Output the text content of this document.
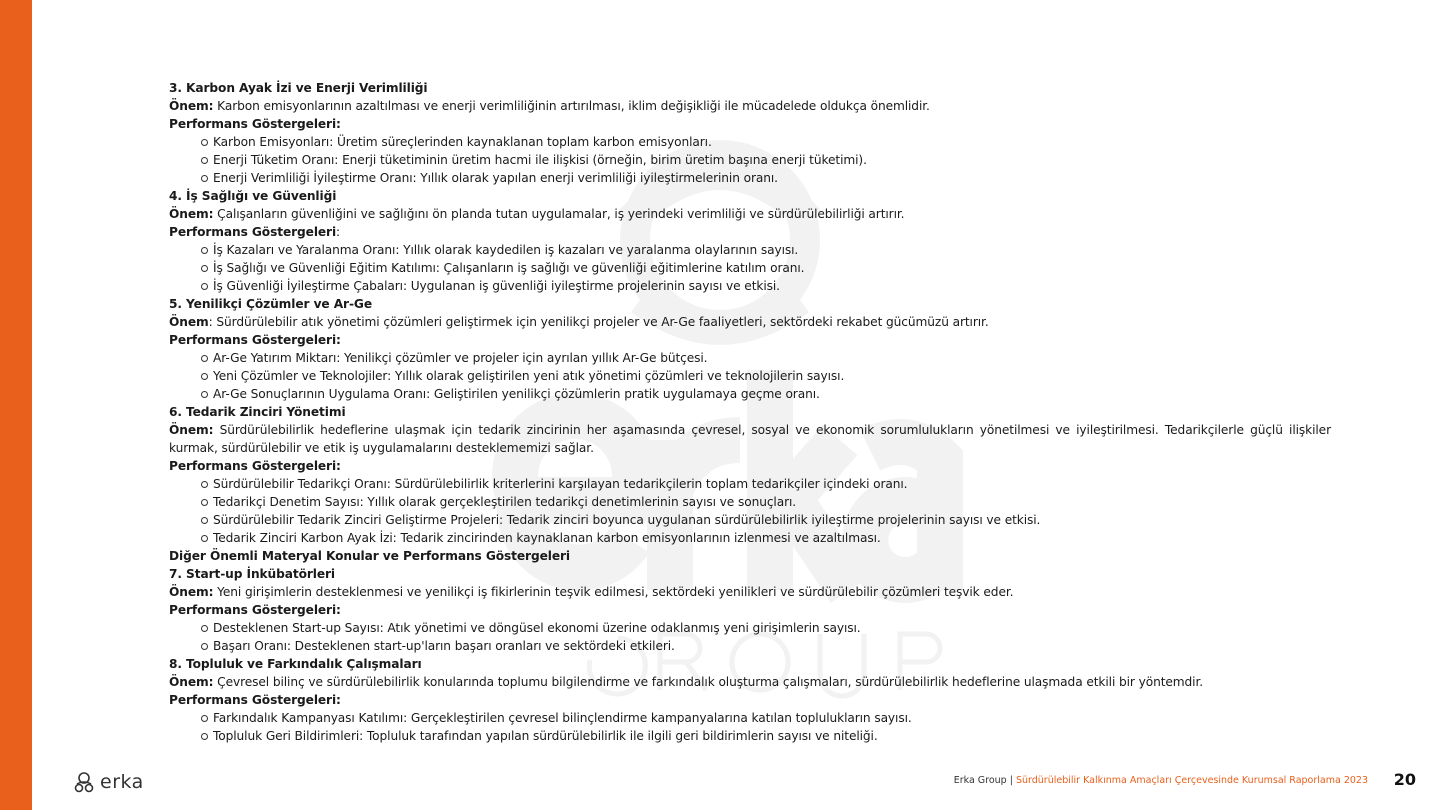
3. Karbon Ayak İzi ve Enerji Verimliliği

Önem: Karbon emisyonlarının azaltılması ve enerji verimliliğinin artırılması, iklim değişikliği ile mücadelede oldukça önemlidir.

Performans Göstergeleri:

Karbon Emisyonları: Üretim süreçlerinden kaynaklanan toplam karbon emisyonları.
Enerji Tüketim Oranı: Enerji tüketiminin üretim hacmi ile ilişkisi (örneğin, birim üretim başına enerji tüketimi).
Enerji Verimliliği İyileştirme Oranı: Yıllık olarak yapılan enerji verimliliği iyileştirmelerinin oranı.
4. İş Sağlığı ve Güvenliği

Önem: Çalışanların güvenliğini ve sağlığını ön planda tutan uygulamalar, iş yerindeki verimliliği ve sürdürülebilirliği artırır.

Performans Göstergeleri:

İş Kazaları ve Yaralanma Oranı: Yıllık olarak kaydedilen iş kazaları ve yaralanma olaylarının sayısı.
İş Sağlığı ve Güvenliği Eğitim Katılımı: Çalışanların iş sağlığı ve güvenliği eğitimlerine katılım oranı.
İş Güvenliği İyileştirme Çabaları: Uygulanan iş güvenliği iyileştirme projelerinin sayısı ve etkisi.
5. Yenilikçi Çözümler ve Ar-Ge

Önem: Sürdürülebilir atık yönetimi çözümleri geliştirmek için yenilikçi projeler ve Ar-Ge faaliyetleri, sektördeki rekabet gücümüzü artırır.

Performans Göstergeleri:

Ar-Ge Yatırım Miktarı: Yenilikçi çözümler ve projeler için ayrılan yıllık Ar-Ge bütçesi.
Yeni Çözümler ve Teknolojiler: Yıllık olarak geliştirilen yeni atık yönetimi çözümleri ve teknolojilerin sayısı.
Ar-Ge Sonuçlarının Uygulama Oranı: Geliştirilen yenilikçi çözümlerin pratik uygulamaya geçme oranı.
6. Tedarik Zinciri Yönetimi

Önem: Sürdürülebilirlik hedeflerine ulaşmak için tedarik zincirinin her aşamasında çevresel, sosyal ve ekonomik sorumlulukların yönetilmesi ve iyileştirilmesi. Tedarikçilerle güçlü ilişkiler kurmak, sürdürülebilir ve etik iş uygulamalarını desteklememizi sağlar.

Performans Göstergeleri:

Sürdürülebilir Tedarikçi Oranı: Sürdürülebilirlik kriterlerini karşılayan tedarikçilerin toplam tedarikçiler içindeki oranı.
Tedarikçi Denetim Sayısı: Yıllık olarak gerçekleştirilen tedarikçi denetimlerinin sayısı ve sonuçları.
Sürdürülebilir Tedarik Zinciri Geliştirme Projeleri: Tedarik zinciri boyunca uygulanan sürdürülebilirlik iyileştirme projelerinin sayısı ve etkisi.
Tedarik Zinciri Karbon Ayak İzi: Tedarik zincirinden kaynaklanan karbon emisyonlarının izlenmesi ve azaltılması.
Diğer Önemli Materyal Konular ve Performans Göstergeleri
7. Start-up İnkübatörleri

Önem: Yeni girişimlerin desteklenmesi ve yenilikçi iş fikirlerinin teşvik edilmesi, sektördeki yenilikleri ve sürdürülebilir çözümleri teşvik eder.

Performans Göstergeleri:

Desteklenen Start-up Sayısı: Atık yönetimi ve döngüsel ekonomi üzerine odaklanmış yeni girişimlerin sayısı.
Başarı Oranı: Desteklenen start-up'ların başarı oranları ve sektördeki etkileri.
8. Topluluk ve Farkındalık Çalışmaları

Önem: Çevresel bilinç ve sürdürülebilirlik konularında toplumu bilgilendirme ve farkındalık oluşturma çalışmaları, sürdürülebilirlik hedeflerine ulaşmada etkili bir yöntemdir.

Performans Göstergeleri:

Farkındalık Kampanyası Katılımı: Gerçekleştirilen çevresel bilinçlendirme kampanyalarına katılan toplulukların sayısı.
Topluluk Geri Bildirimleri: Topluluk tarafından yapılan sürdürülebilirlik ile ilgili geri bildirimlerin sayısı ve niteliği.
erka	Erka Group | Sürdürülebilir Kalkınma Amaçları Çerçevesinde Kurumsal Raporlama 2023 20
